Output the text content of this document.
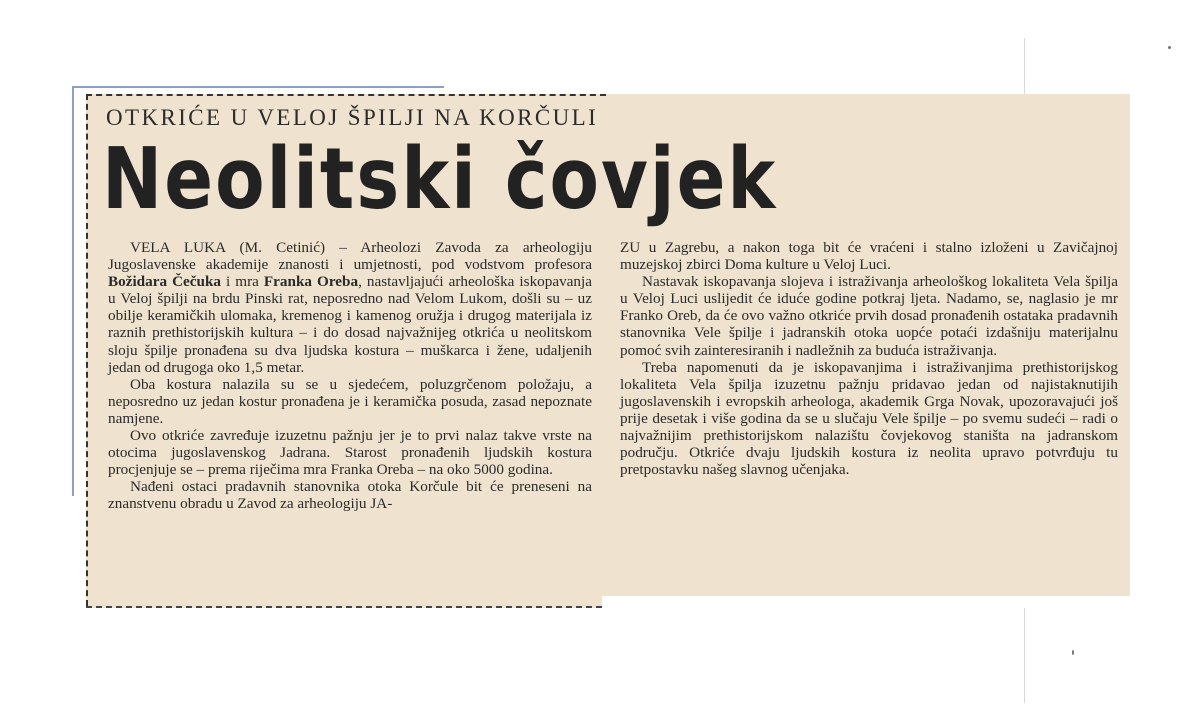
OTKRIĆE U VELOJ ŠPILJI NA KORČULI
Neolitski čovjek

VELA LUKA (M. Cetinić) – Arheolozi Zavoda za arheologiju Jugoslavenske akademije znanosti i umjetnosti, pod vodstvom profesora Božidara Čečuka i mra Franka Oreba, nastavljajući arheološka iskopavanja u Veloj špilji na brdu Pinski rat, neposredno nad Velom Lukom, došli su – uz obilje keramičkih ulomaka, kremenog i kamenog oružja i drugog materijala iz raznih prethistorijskih kultura – i do dosad najvažnijeg otkrića u neolitskom sloju špilje pronađena su dva ljudska kostura – muškarca i žene, udaljenih jedan od drugoga oko 1,5 metar.

Oba kostura nalazila su se u sjedećem, poluzgrčenom položaju, a neposredno uz jedan kostur pronađena je i keramička posuda, zasad nepoznate namjene.

Ovo otkriće zavređuje izuzetnu pažnju jer je to prvi nalaz takve vrste na otocima jugoslavenskog Jadrana. Starost pronađenih ljudskih kostura procjenjuje se – prema riječima mra Franka Oreba – na oko 5000 godina.

Nađeni ostaci pradavnih stanovnika otoka Korčule bit će preneseni na znanstvenu obradu u Zavod za arheologiju JA-

ZU u Zagrebu, a nakon toga bit će vraćeni i stalno izloženi u Zavičajnoj muzejskoj zbirci Doma kulture u Veloj Luci.

Nastavak iskopavanja slojeva i istraživanja arheološkog lokaliteta Vela špilja u Veloj Luci uslijedit će iduće godine potkraj ljeta. Nadamo, se, naglasio je mr Franko Oreb, da će ovo važno otkriće prvih dosad pronađenih ostataka pradavnih stanovnika Vele špilje i jadranskih otoka uopće potaći izdašniju materijalnu pomoć svih zainteresiranih i nadležnih za buduća istraživanja.

Treba napomenuti da je iskopavanjima i istraživanjima prethistorijskog lokaliteta Vela špilja izuzetnu pažnju pridavao jedan od najistaknutijih jugoslavenskih i evropskih arheologa, akademik Grga Novak, upozoravajući još prije desetak i više godina da se u slučaju Vele špilje – po svemu sudeći – radi o najvažnijim prethistorijskom nalazištu čovjekovog staništa na jadranskom području. Otkriće dvaju ljudskih kostura iz neolita upravo potvrđuju tu pretpostavku našeg slavnog učenjaka.
